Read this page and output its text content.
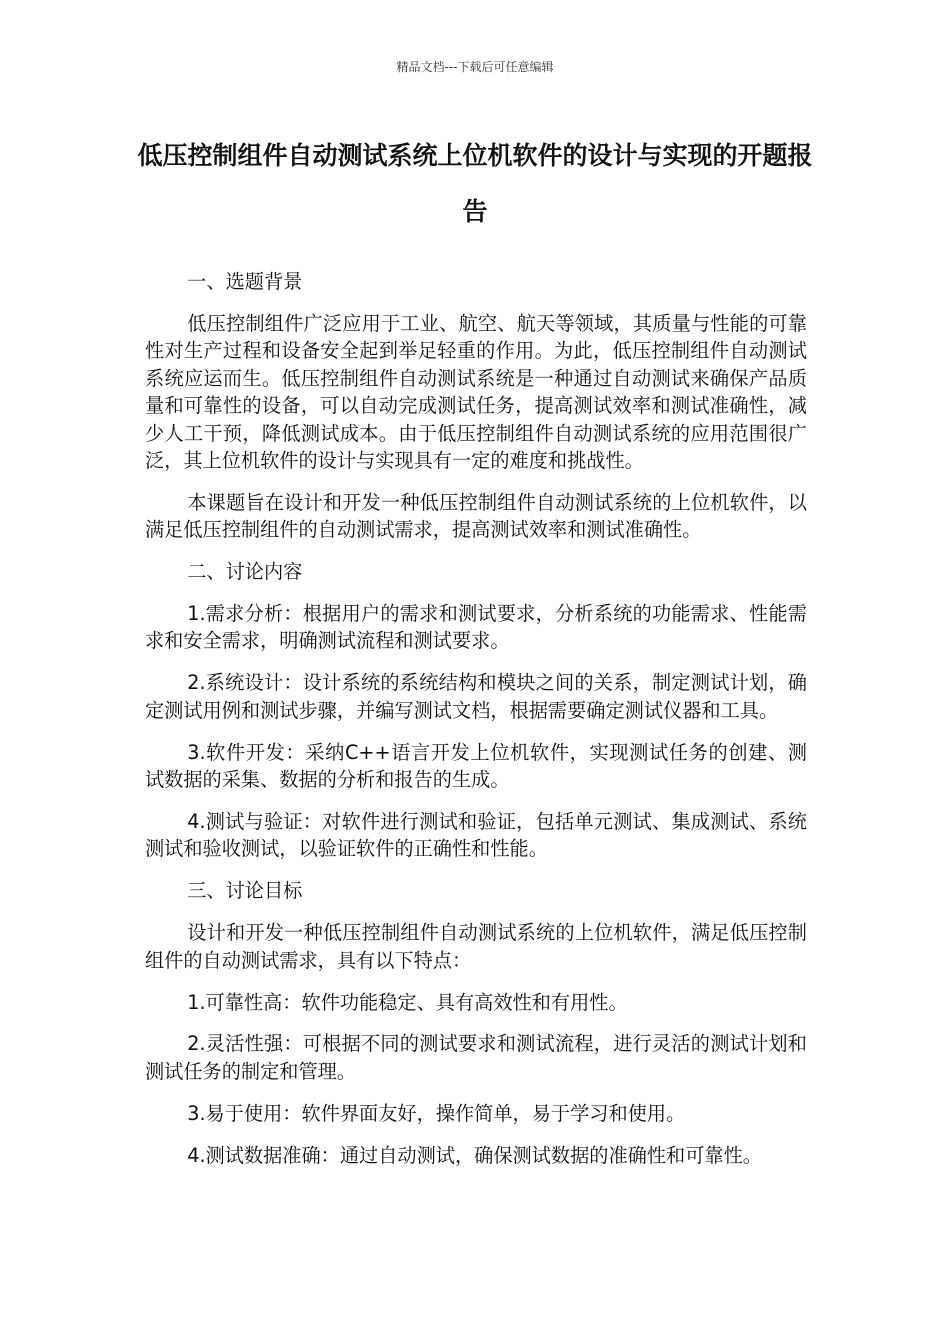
精品文档---下载后可任意编辑
低压控制组件自动测试系统上位机软件的设计与实现的开题报告

一、选题背景

低压控制组件广泛应用于工业、航空、航天等领域，其质量与性能的可靠性对生产过程和设备安全起到举足轻重的作用。为此，低压控制组件自动测试系统应运而生。低压控制组件自动测试系统是一种通过自动测试来确保产品质量和可靠性的设备，可以自动完成测试任务，提高测试效率和测试准确性，减少人工干预，降低测试成本。由于低压控制组件自动测试系统的应用范围很广泛，其上位机软件的设计与实现具有一定的难度和挑战性。

本课题旨在设计和开发一种低压控制组件自动测试系统的上位机软件，以满足低压控制组件的自动测试需求，提高测试效率和测试准确性。

二、讨论内容

1.需求分析：根据用户的需求和测试要求，分析系统的功能需求、性能需求和安全需求，明确测试流程和测试要求。

2.系统设计：设计系统的系统结构和模块之间的关系，制定测试计划，确定测试用例和测试步骤，并编写测试文档，根据需要确定测试仪器和工具。

3.软件开发：采纳C++语言开发上位机软件，实现测试任务的创建、测试数据的采集、数据的分析和报告的生成。

4.测试与验证：对软件进行测试和验证，包括单元测试、集成测试、系统测试和验收测试，以验证软件的正确性和性能。

三、讨论目标

设计和开发一种低压控制组件自动测试系统的上位机软件，满足低压控制组件的自动测试需求，具有以下特点：

1.可靠性高：软件功能稳定、具有高效性和有用性。

2.灵活性强：可根据不同的测试要求和测试流程，进行灵活的测试计划和测试任务的制定和管理。

3.易于使用：软件界面友好，操作简单，易于学习和使用。

4.测试数据准确：通过自动测试，确保测试数据的准确性和可靠性。
